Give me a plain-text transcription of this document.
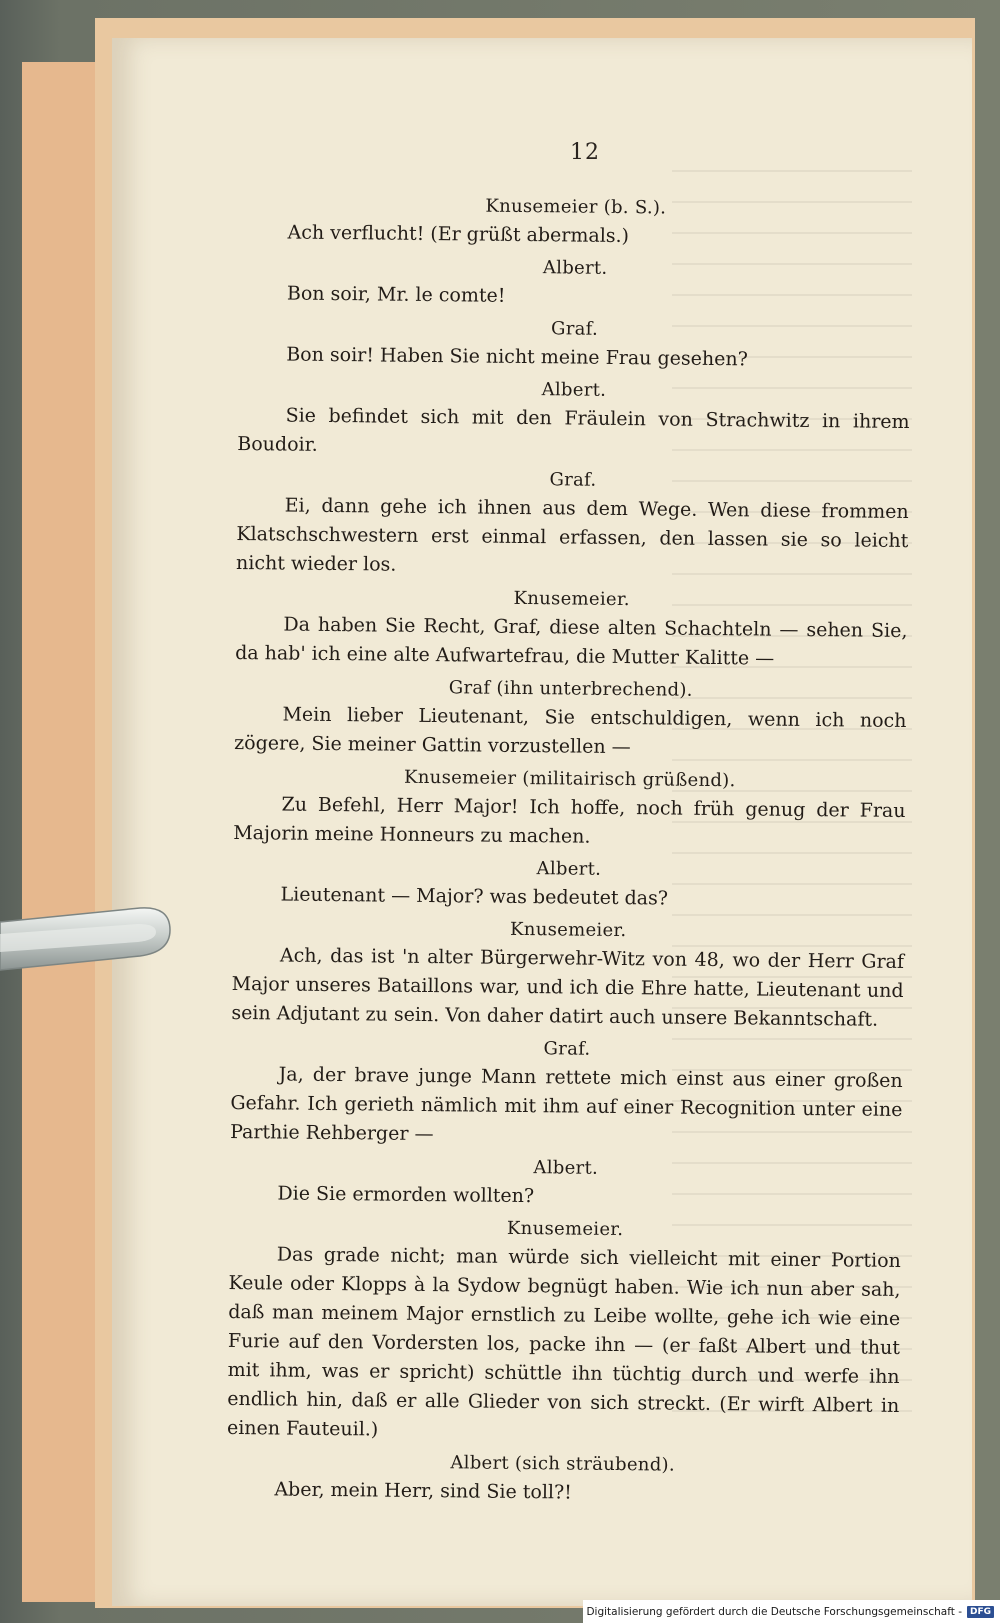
12
Knusemeier (b. S.).
Ach verflucht! (Er grüßt abermals.)
Albert.
Bon soir, Mr. le comte!
Graf.
Bon soir! Haben Sie nicht meine Frau gesehen?
Albert.
Sie befindet sich mit den Fräulein von Strachwitz in ihrem Boudoir.
Graf.
Ei, dann gehe ich ihnen aus dem Wege. Wen diese frommen Klatschschwestern erst einmal erfassen, den lassen sie so leicht nicht wieder los.
Knusemeier.
Da haben Sie Recht, Graf, diese alten Schachteln — sehen Sie, da hab' ich eine alte Aufwartefrau, die Mutter Kalitte —
Graf (ihn unterbrechend).
Mein lieber Lieutenant, Sie entschuldigen, wenn ich noch zögere, Sie meiner Gattin vorzustellen —
Knusemeier (militairisch grüßend).
Zu Befehl, Herr Major! Ich hoffe, noch früh genug der Frau Majorin meine Honneurs zu machen.
Albert.
Lieutenant — Major? was bedeutet das?
Knusemeier.
Ach, das ist 'n alter Bürgerwehr-Witz von 48, wo der Herr Graf Major unseres Bataillons war, und ich die Ehre hatte, Lieutenant und sein Adjutant zu sein. Von daher datirt auch unsere Bekanntschaft.
Graf.
Ja, der brave junge Mann rettete mich einst aus einer großen Gefahr. Ich gerieth nämlich mit ihm auf einer Recognition unter eine Parthie Rehberger —
Albert.
Die Sie ermorden wollten?
Knusemeier.
Das grade nicht; man würde sich vielleicht mit einer Portion Keule oder Klopps à la Sydow begnügt haben. Wie ich nun aber sah, daß man meinem Major ernstlich zu Leibe wollte, gehe ich wie eine Furie auf den Vordersten los, packe ihn — (er faßt Albert und thut mit ihm, was er spricht) schüttle ihn tüchtig durch und werfe ihn endlich hin, daß er alle Glieder von sich streckt. (Er wirft Albert in einen Fauteuil.)
Albert (sich sträubend).
Aber, mein Herr, sind Sie toll?!
Digitalisierung gefördert durch die Deutsche Forschungsgemeinschaft - DFG
